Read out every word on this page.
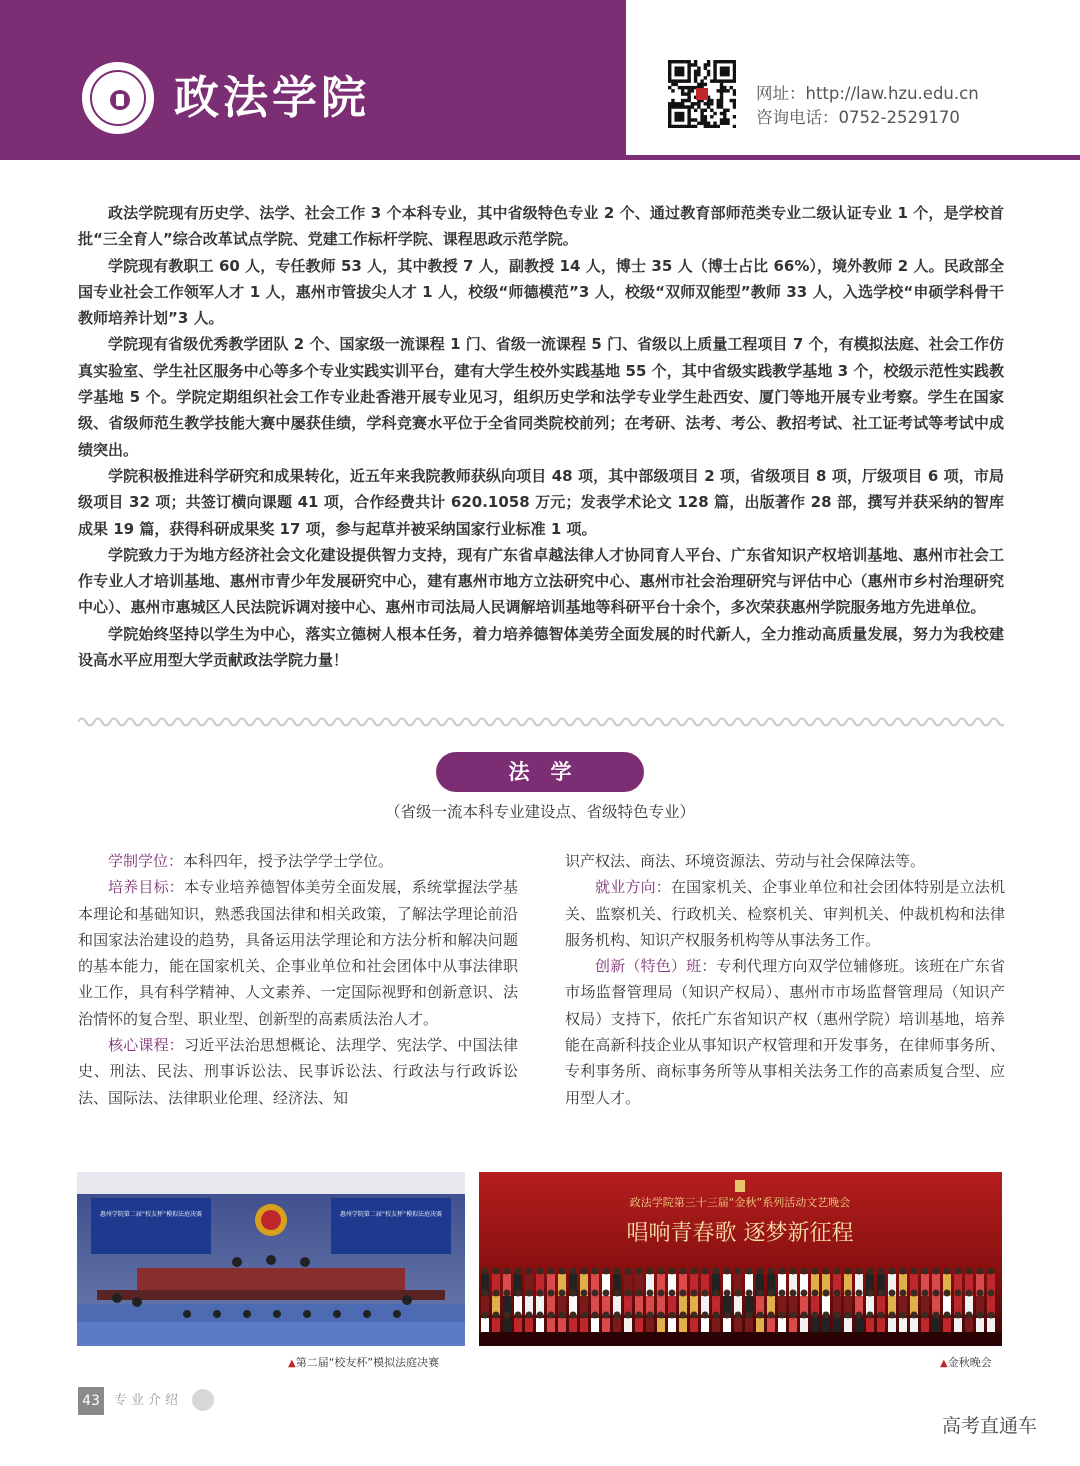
政法学院	网址：http://law.hzu.edu.cn
咨询电话：0752-2529170

政法学院现有历史学、法学、社会工作 3 个本科专业，其中省级特色专业 2 个、通过教育部师范类专业二级认证专业 1 个，是学校首批“三全育人”综合改革试点学院、党建工作标杆学院、课程思政示范学院。

学院现有教职工 60 人，专任教师 53 人，其中教授 7 人，副教授 14 人，博士 35 人（博士占比 66%），境外教师 2 人。民政部全国专业社会工作领军人才 1 人，惠州市管拔尖人才 1 人，校级“师德模范”3 人，校级“双师双能型”教师 33 人，入选学校“申硕学科骨干教师培养计划”3 人。

学院现有省级优秀教学团队 2 个、国家级一流课程 1 门、省级一流课程 5 门、省级以上质量工程项目 7 个，有模拟法庭、社会工作仿真实验室、学生社区服务中心等多个专业实践实训平台，建有大学生校外实践基地 55 个，其中省级实践教学基地 3 个，校级示范性实践教学基地 5 个。学院定期组织社会工作专业赴香港开展专业见习，组织历史学和法学专业学生赴西安、厦门等地开展专业考察。学生在国家级、省级师范生教学技能大赛中屡获佳绩，学科竞赛水平位于全省同类院校前列；在考研、法考、考公、教招考试、社工证考试等考试中成绩突出。

学院积极推进科学研究和成果转化，近五年来我院教师获纵向项目 48 项，其中部级项目 2 项，省级项目 8 项，厅级项目 6 项，市局级项目 32 项；共签订横向课题 41 项，合作经费共计 620.1058 万元；发表学术论文 128 篇，出版著作 28 部，撰写并获采纳的智库成果 19 篇，获得科研成果奖 17 项，参与起草并被采纳国家行业标准 1 项。

学院致力于为地方经济社会文化建设提供智力支持，现有广东省卓越法律人才协同育人平台、广东省知识产权培训基地、惠州市社会工作专业人才培训基地、惠州市青少年发展研究中心，建有惠州市地方立法研究中心、惠州市社会治理研究与评估中心（惠州市乡村治理研究中心）、惠州市惠城区人民法院诉调对接中心、惠州市司法局人民调解培训基地等科研平台十余个，多次荣获惠州学院服务地方先进单位。

学院始终坚持以学生为中心，落实立德树人根本任务，着力培养德智体美劳全面发展的时代新人，全力推动高质量发展，努力为我校建设高水平应用型大学贡献政法学院力量！

法　学
（省级一流本科专业建设点、省级特色专业）

学制学位：本科四年，授予法学学士学位。

培养目标：本专业培养德智体美劳全面发展，系统掌握法学基本理论和基础知识，熟悉我国法律和相关政策，了解法学理论前沿和国家法治建设的趋势，具备运用法学理论和方法分析和解决问题的基本能力，能在国家机关、企事业单位和社会团体中从事法律职业工作，具有科学精神、人文素养、一定国际视野和创新意识、法治情怀的复合型、职业型、创新型的高素质法治人才。

核心课程：习近平法治思想概论、法理学、宪法学、中国法律史、刑法、民法、刑事诉讼法、民事诉讼法、行政法与行政诉讼法、国际法、法律职业伦理、经济法、知

识产权法、商法、环境资源法、劳动与社会保障法等。

就业方向：在国家机关、企事业单位和社会团体特别是立法机关、监察机关、行政机关、检察机关、审判机关、仲裁机构和法律服务机构、知识产权服务机构等从事法务工作。

创新（特色）班：专利代理方向双学位辅修班。该班在广东省市场监督管理局（知识产权局）、惠州市市场监督管理局（知识产权局）支持下，依托广东省知识产权（惠州学院）培训基地，培养能在高新科技企业从事知识产权管理和开发事务，在律师事务所、专利事务所、商标事务所等从事相关法务工作的高素质复合型、应用型人才。

惠州学院第二届“校友杯”模拟法庭决赛	惠州学院第二届“校友杯”模拟法庭决赛
▲第二届“校友杯”模拟法庭决赛
政法学院第三十三届“金秋”系列活动文艺晚会
唱响青春歌 逐梦新征程
▲金秋晚会
43	专业介绍
高考直通车
